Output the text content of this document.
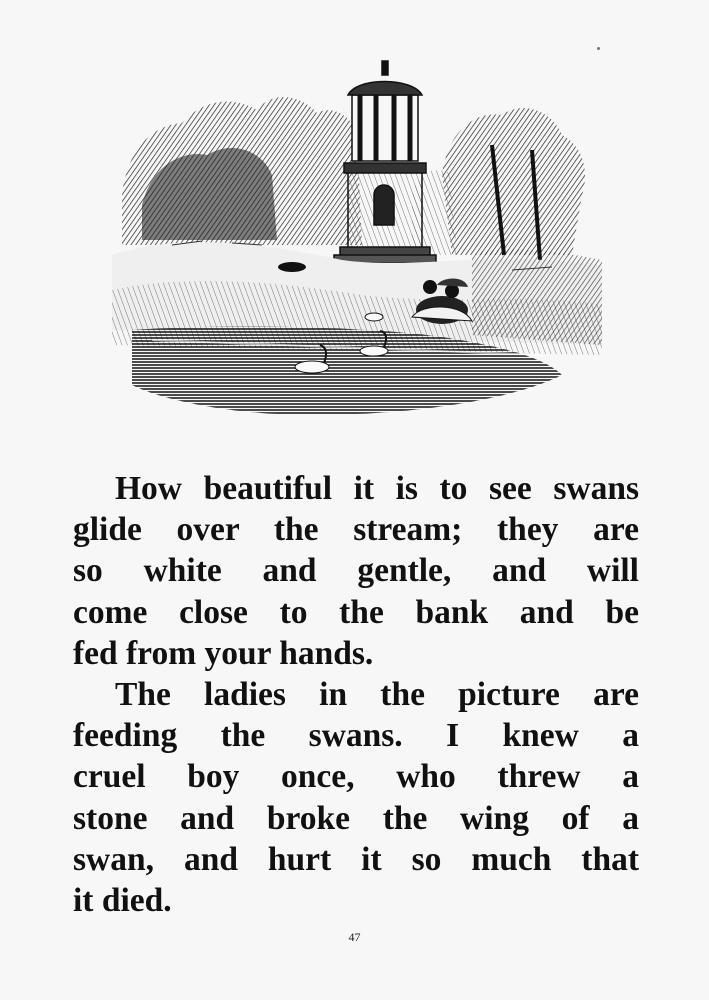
How beautiful it is to see swans
glide over the stream; they are
so white and gentle, and will
come close to the bank and be
fed from your hands.

The ladies in the picture are
feeding the swans. I knew a
cruel boy once, who threw a
stone and broke the wing of a
swan, and hurt it so much that
it died.

47
